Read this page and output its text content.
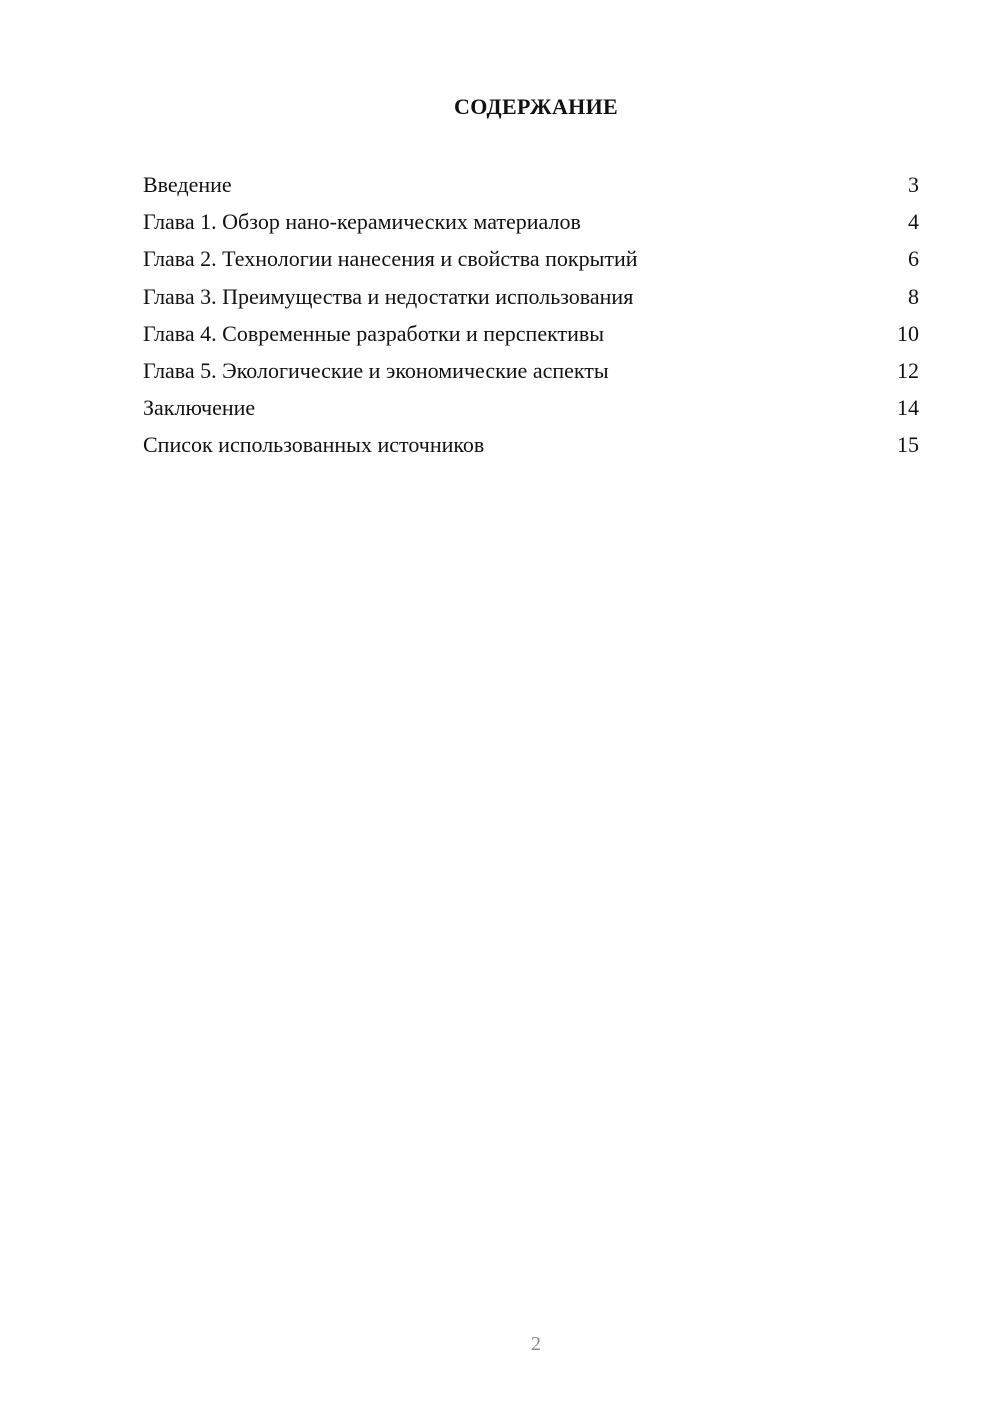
СОДЕРЖАНИЕ
Введение	3
Глава 1. Обзор нано-керамических материалов	4
Глава 2. Технологии нанесения и свойства покрытий	6
Глава 3. Преимущества и недостатки использования	8
Глава 4. Современные разработки и перспективы	10
Глава 5. Экологические и экономические аспекты	12
Заключение	14
Список использованных источников	15
2
